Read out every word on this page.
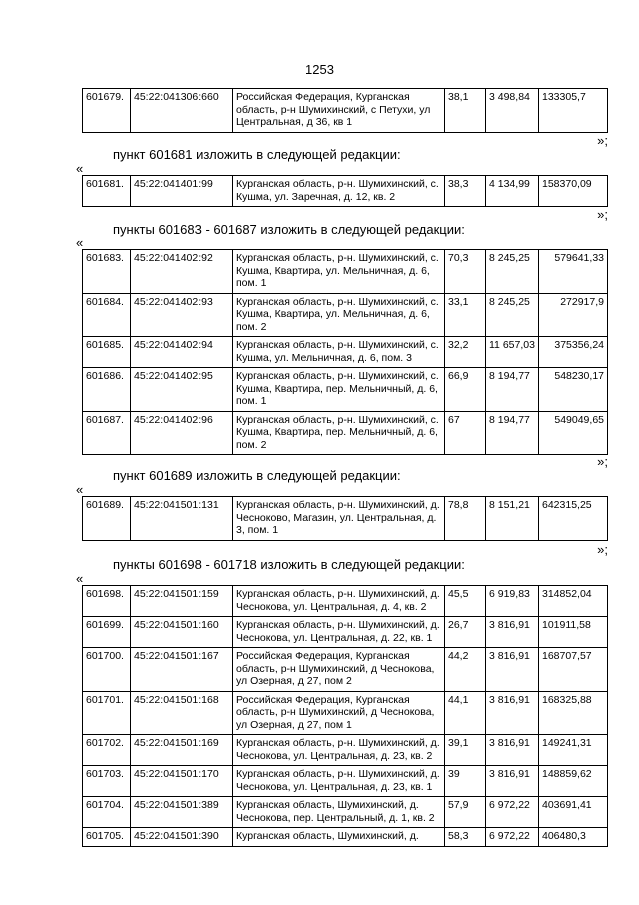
1253
601679.	45:22:041306:660	Российская Федерация, Курганская область, р-н Шумихинский, с Петухи, ул Центральная, д 36, кв 1	38,1	3 498,84	133305,7
»;
пункт 601681 изложить в следующей редакции:
«
601681.	45:22:041401:99	Курганская область, р-н. Шумихинский, с. Кушма, ул. Заречная, д. 12, кв. 2	38,3	4 134,99	158370,09
»;
пункты 601683 - 601687 изложить в следующей редакции:
«
601683.	45:22:041402:92	Курганская область, р-н. Шумихинский, с. Кушма, Квартира, ул. Мельничная, д. 6, пом. 1	70,3	8 245,25	579641,33
601684.	45:22:041402:93	Курганская область, р-н. Шумихинский, с. Кушма, Квартира, ул. Мельничная, д. 6, пом. 2	33,1	8 245,25	272917,9
601685.	45:22:041402:94	Курганская область, р-н. Шумихинский, с. Кушма, ул. Мельничная, д. 6, пом. 3	32,2	11 657,03	375356,24
601686.	45:22:041402:95	Курганская область, р-н. Шумихинский, с. Кушма, Квартира, пер. Мельничный, д. 6, пом. 1	66,9	8 194,77	548230,17
601687.	45:22:041402:96	Курганская область, р-н. Шумихинский, с. Кушма, Квартира, пер. Мельничный, д. 6, пом. 2	67	8 194,77	549049,65
»;
пункт 601689 изложить в следующей редакции:
«
601689.	45:22:041501:131	Курганская область, р-н. Шумихинский, д. Чесноково, Магазин, ул. Центральная, д. 3, пом. 1	78,8	8 151,21	642315,25
»;
пункты 601698 - 601718 изложить в следующей редакции:
«
601698.	45:22:041501:159	Курганская область, р-н. Шумихинский, д. Чеснокова, ул. Центральная, д. 4, кв. 2	45,5	6 919,83	314852,04
601699.	45:22:041501:160	Курганская область, р-н. Шумихинский, д. Чеснокова, ул. Центральная, д. 22, кв. 1	26,7	3 816,91	101911,58
601700.	45:22:041501:167	Российская Федерация, Курганская область, р-н Шумихинский, д Чеснокова, ул Озерная, д 27, пом 2	44,2	3 816,91	168707,57
601701.	45:22:041501:168	Российская Федерация, Курганская область, р-н Шумихинский, д Чеснокова, ул Озерная, д 27, пом 1	44,1	3 816,91	168325,88
601702.	45:22:041501:169	Курганская область, р-н. Шумихинский, д. Чеснокова, ул. Центральная, д. 23, кв. 2	39,1	3 816,91	149241,31
601703.	45:22:041501:170	Курганская область, р-н. Шумихинский, д. Чеснокова, ул. Центральная, д. 23, кв. 1	39	3 816,91	148859,62
601704.	45:22:041501:389	Курганская область, Шумихинский, д. Чеснокова, пер. Центральный, д. 1, кв. 2	57,9	6 972,22	403691,41
601705.	45:22:041501:390	Курганская область, Шумихинский, д.	58,3	6 972,22	406480,3
